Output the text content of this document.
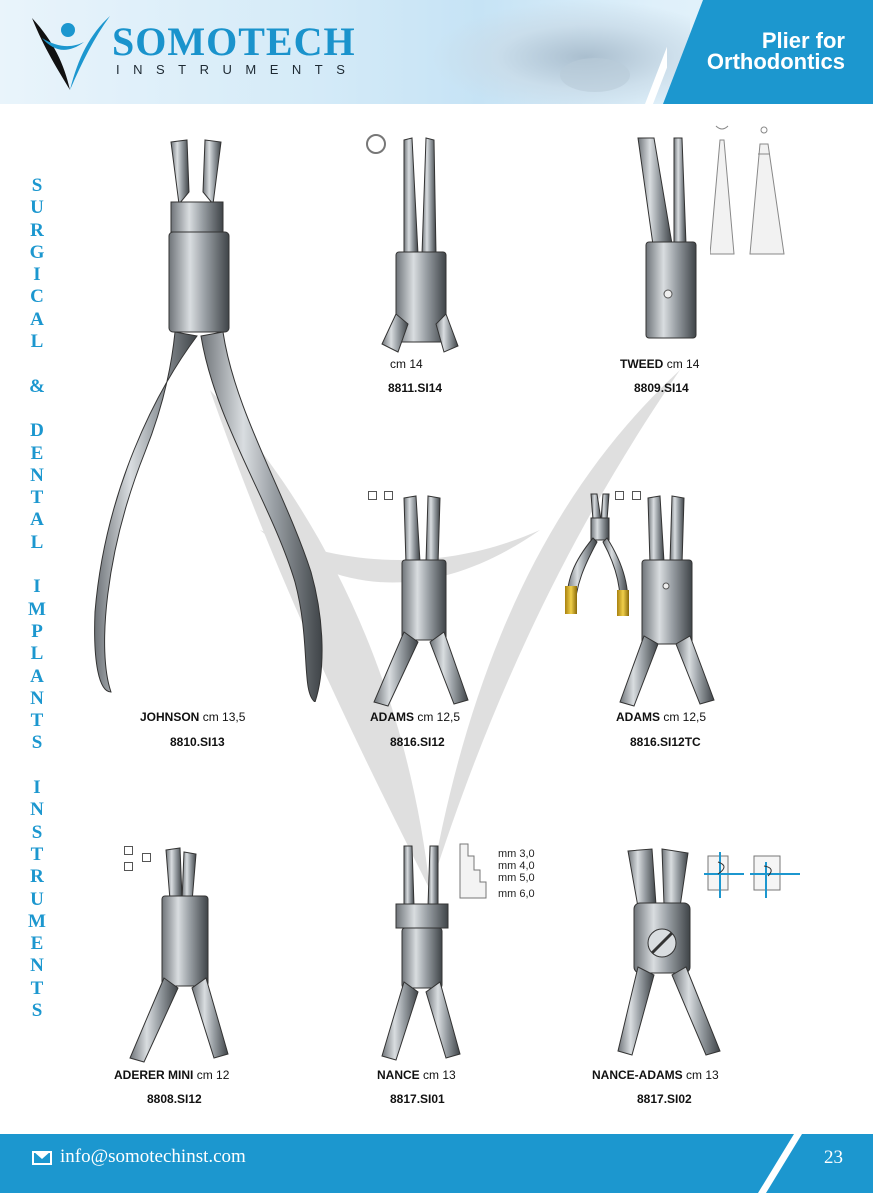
SOMOTECH
INSTRUMENTS
Plier for
Orthodontics
S
U
R
G
I
C
A
L

&

D
E
N
T
A
L

I
M
P
L
A
N
T
S

I
N
S
T
R
U
M
E
N
T
S
JOHNSON cm 13,5
8810.SI13
cm 14
8811.SI14
TWEED cm 14
8809.SI14
ADAMS cm 12,5
8816.SI12
ADAMS cm 12,5
8816.SI12TC
ADERER MINI cm 12
8808.SI12
mm 3,0
mm 4,0
mm 5,0
mm 6,0
NANCE cm 13
8817.SI01
NANCE-ADAMS cm 13
8817.SI02
info@somotechinst.com	23
